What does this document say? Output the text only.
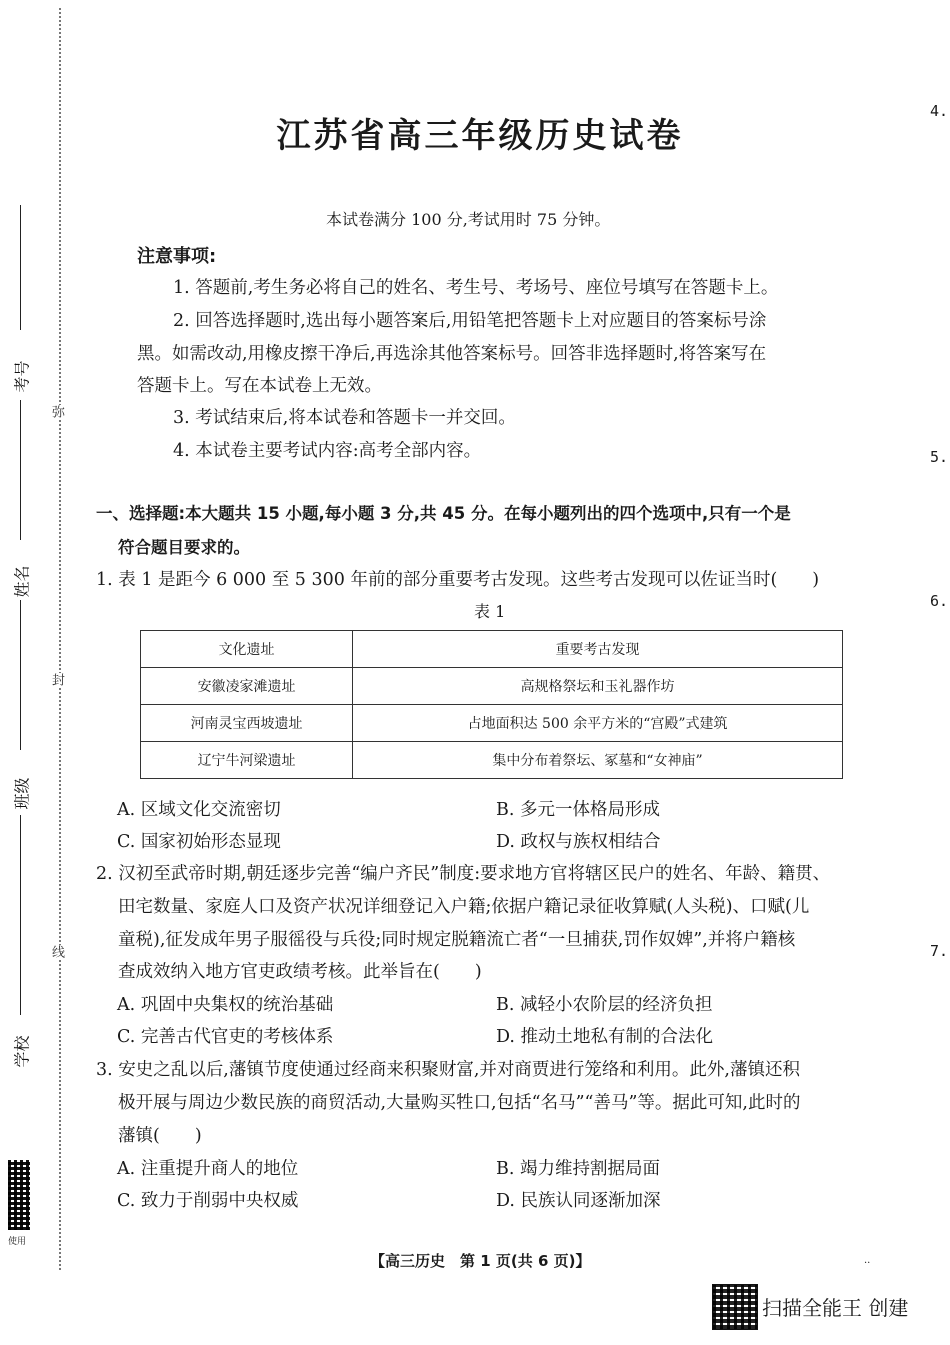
弥
封
线
考号
姓名
班级
学校
使用
4.
5.
6.
7.
江苏省高三年级历史试卷
本试卷满分 100 分,考试用时 75 分钟。
注意事项:
1. 答题前,考生务必将自己的姓名、考生号、考场号、座位号填写在答题卡上。
2. 回答选择题时,选出每小题答案后,用铅笔把答题卡上对应题目的答案标号涂
黑。如需改动,用橡皮擦干净后,再选涂其他答案标号。回答非选择题时,将答案写在
答题卡上。写在本试卷上无效。
3. 考试结束后,将本试卷和答题卡一并交回。
4. 本试卷主要考试内容:高考全部内容。
一、选择题:本大题共 15 小题,每小题 3 分,共 45 分。在每小题列出的四个选项中,只有一个是
符合题目要求的。
1. 表 1 是距今 6 000 至 5 300 年前的部分重要考古发现。这些考古发现可以佐证当时(　　)
表 1
文化遗址	重要考古发现
安徽凌家滩遗址	高规格祭坛和玉礼器作坊
河南灵宝西坡遗址	占地面积达 500 余平方米的“宫殿”式建筑
辽宁牛河梁遗址	集中分布着祭坛、冢墓和“女神庙”
A. 区域文化交流密切	B. 多元一体格局形成
C. 国家初始形态显现	D. 政权与族权相结合
2. 汉初至武帝时期,朝廷逐步完善“编户齐民”制度:要求地方官将辖区民户的姓名、年龄、籍贯、
田宅数量、家庭人口及资产状况详细登记入户籍;依据户籍记录征收算赋(人头税)、口赋(儿
童税),征发成年男子服徭役与兵役;同时规定脱籍流亡者“一旦捕获,罚作奴婢”,并将户籍核
查成效纳入地方官吏政绩考核。此举旨在(　　)
A. 巩固中央集权的统治基础	B. 减轻小农阶层的经济负担
C. 完善古代官吏的考核体系	D. 推动土地私有制的合法化
3. 安史之乱以后,藩镇节度使通过经商来积聚财富,并对商贾进行笼络和利用。此外,藩镇还积
极开展与周边少数民族的商贸活动,大量购买牲口,包括“名马”“善马”等。据此可知,此时的
藩镇(　　)
A. 注重提升商人的地位	B. 竭力维持割据局面
C. 致力于削弱中央权威	D. 民族认同逐渐加深
【高三历史　第 1 页(共 6 页)】	..
扫描全能王 创建
